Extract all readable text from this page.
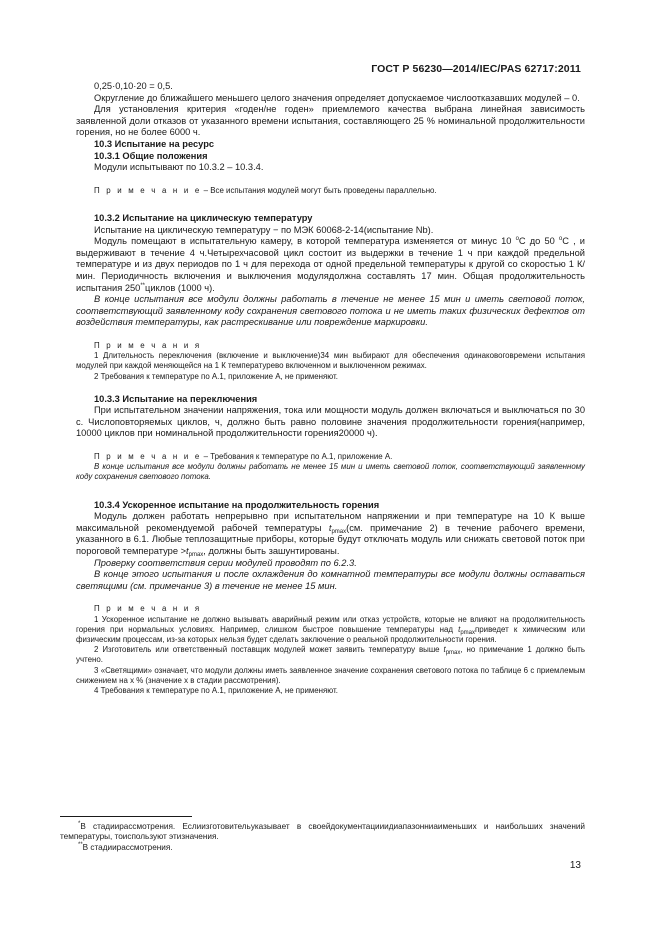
ГОСТ Р 56230—2014/IEC/PAS 62717:2011

0,25·0,10·20 = 0,5.

Округление до ближайшего меньшего целого значения определяет допускаемое числоотказавших модулей – 0.

Для установления критерия «годен/не годен» приемлемого качества выбрана линейная зависимость заявленной доли отказов от указанного времени испытания, составляющего 25 % номинальной продолжительности горения, но не более 6000 ч.

10.3 Испытание на ресурс

10.3.1 Общие положения

Модули испытывают по 10.3.2 – 10.3.4.

П р и м е ч а н и е – Все испытания модулей могут быть проведены параллельно.

10.3.2 Испытание на циклическую температуру

Испытание на циклическую температуру − по МЭК 60068-2-14(испытание Nb).

Модуль помещают в испытательную камеру, в которой температура изменяется от минус 10 $^o$С до 50 $^o$С , и выдерживают в течение 4 ч.Четырехчасовой цикл состоит из выдержки в течение 1 ч при каждой предельной температуре и из двух периодов по 1 ч для перехода от одной предельной температуры к другой со скоростью 1 К/мин. Периодичность включения и выключения модулядолжна составлять 17 мин. Общая продолжительность испытания 250**циклов (1000 ч).

В конце испытания все модули должны работать в течение не менее 15 мин и иметь световой поток, соответствующий заявленному коду сохранения светового потока и не иметь таких физических дефектов от воздействия температуры, как растрескивание или повреждение маркировки.

П р и м е ч а н и я

1 Длительность переключения (включение и выключение)34 мин выбирают для обеспечения одинаковоговремени испытания модулей при каждой меняющейся на 1 К температурево включенном и выключенном режимах.

2 Требования к температуре по А.1, приложение А, не применяют.

10.3.3 Испытание на переключения

При испытательном значении напряжения, тока или мощности модуль должен включаться и выключаться по 30 с. Числоповторяемых циклов, ч, должно быть равно половине значения продолжительности горения(например, 10000 циклов при номинальной продолжительности горения20000 ч).

П р и м е ч а н и е – Требования к температуре по А.1, приложение А.

В конце испытания все модули должны работать не менее 15 мин и иметь световой поток, соответствующий заявленному коду сохранения светового потока.

10.3.4 Ускоренное испытание на продолжительность горения

Модуль должен работать непрерывно при испытательном напряжении и при температуре на 10 К выше максимальной рекомендуемой рабочей температуры $t_{pmax}(см$. примечание 2) в течение рабочего времени, указанного в 6.1. Любые теплозащитные приборы, которые будут отключать модуль или снижать световой поток при пороговой температуре $>t_{pmax}$, должны быть зашунтированы.

Проверку соответствия серии модулей проводят по 6.2.3.

В конце этого испытания и после охлаждения до комнатной температуры все модули должны оставаться светящими (см. примечание 3) в течение не менее 15 мин.

П р и м е ч а н и я

1 Ускоренное испытание не должно вызывать аварийный режим или отказ устройств, которые не влияют на продолжительность горения при нормальных условиях. Например, слишком быстрое повышение температуры над $t_{pmax}приведет$ к химическим или физическим процессам, из-за которых нельзя будет сделать заключение о реальной продолжительности горения.

2 Изготовитель или ответственный поставщик модулей может заявить температуру выше $t_{pmax}$, но примечание 1 должно быть учтено.

3 «Светящими» означает, что модули должны иметь заявленное значение сохранения светового потока по таблице 6 с приемлемым снижением на х % (значение х в стадии рассмотрения).

4 Требования к температуре по А.1, приложение А, не применяют.

*В стадиирассмотрения. Еслиизготовительуказывает в своейдокументацииидиапазонниаименьших и наибольших значений температуры, тоиспользуют этизначения.

**В стадиирассмотрения.

13
